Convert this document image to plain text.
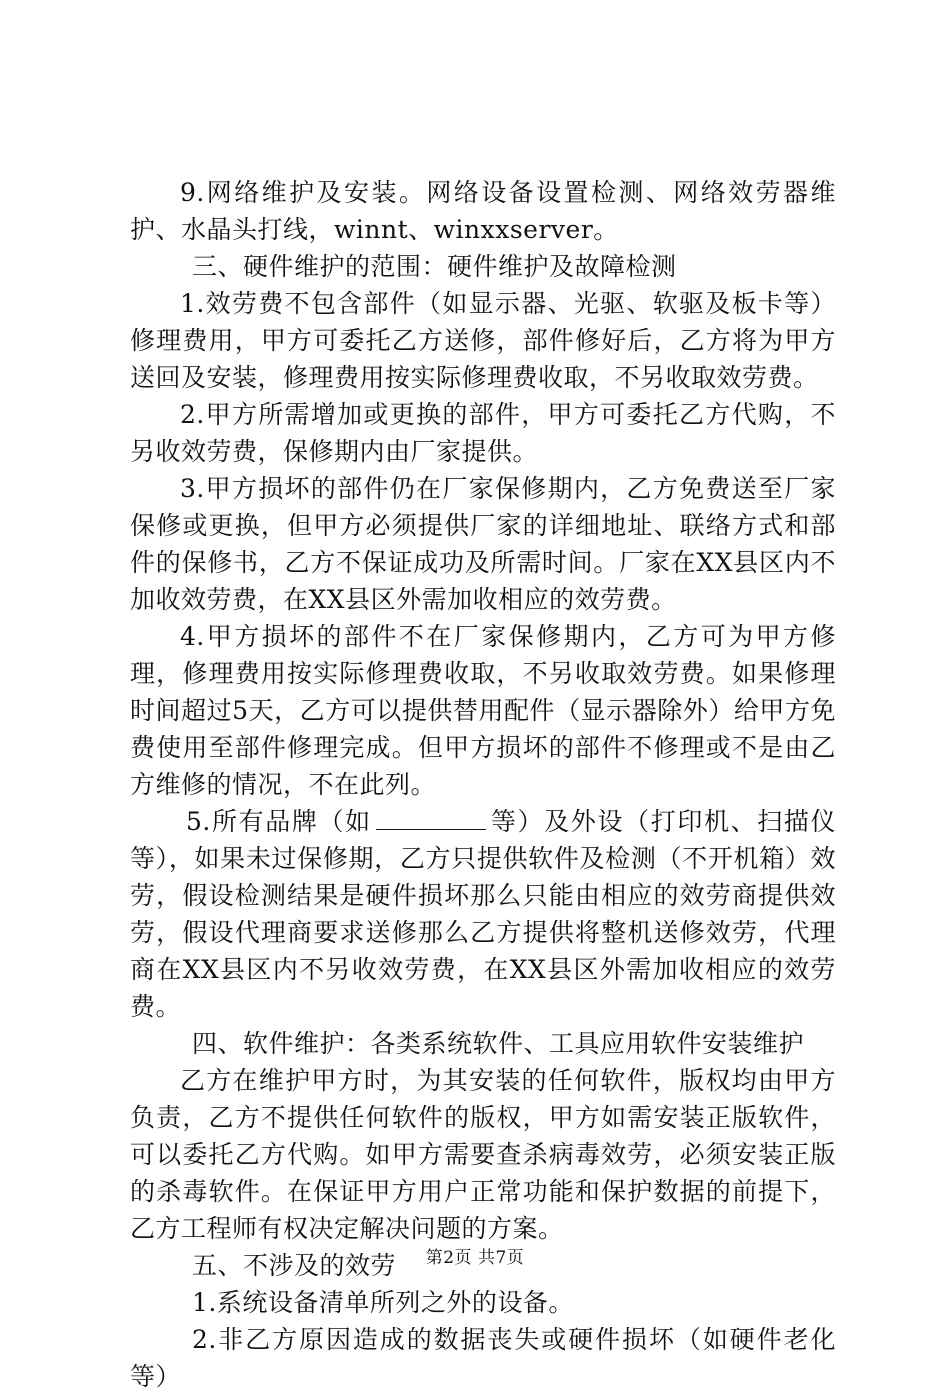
9.网络维护及安装。网络设备设置检测、网络效劳器维护、水晶头打线，winnt、winxxserver。

三、硬件维护的范围：硬件维护及故障检测

1.效劳费不包含部件（如显示器、光驱、软驱及板卡等）修理费用，甲方可委托乙方送修，部件修好后，乙方将为甲方送回及安装，修理费用按实际修理费收取，不另收取效劳费。

2.甲方所需增加或更换的部件，甲方可委托乙方代购，不另收效劳费，保修期内由厂家提供。

3.甲方损坏的部件仍在厂家保修期内，乙方免费送至厂家保修或更换，但甲方必须提供厂家的详细地址、联络方式和部件的保修书，乙方不保证成功及所需时间。厂家在XX县区内不加收效劳费，在XX县区外需加收相应的效劳费。

4.甲方损坏的部件不在厂家保修期内，乙方可为甲方修理，修理费用按实际修理费收取，不另收取效劳费。如果修理时间超过5天，乙方可以提供替用配件（显示器除外）给甲方免费使用至部件修理完成。但甲方损坏的部件不修理或不是由乙方维修的情况，不在此列。

5.所有品牌（如	等）及外设（打印机、扫描仪等），如果未过保修期，乙方只提供软件及检测（不开机箱）效劳，假设检测结果是硬件损坏那么只能由相应的效劳商提供效劳，假设代理商要求送修那么乙方提供将整机送修效劳，代理商在XX县区内不另收效劳费，在XX县区外需加收相应的效劳费。

四、软件维护：各类系统软件、工具应用软件安装维护

乙方在维护甲方时，为其安装的任何软件，版权均由甲方负责，乙方不提供任何软件的版权，甲方如需安装正版软件，可以委托乙方代购。如甲方需要查杀病毒效劳，必须安装正版的杀毒软件。在保证甲方用户正常功能和保护数据的前提下，乙方工程师有权决定解决问题的方案。

五、不涉及的效劳

1.系统设备清单所列之外的设备。

2.非乙方原因造成的数据丧失或硬件损坏（如硬件老化等）

第2页 共7页
